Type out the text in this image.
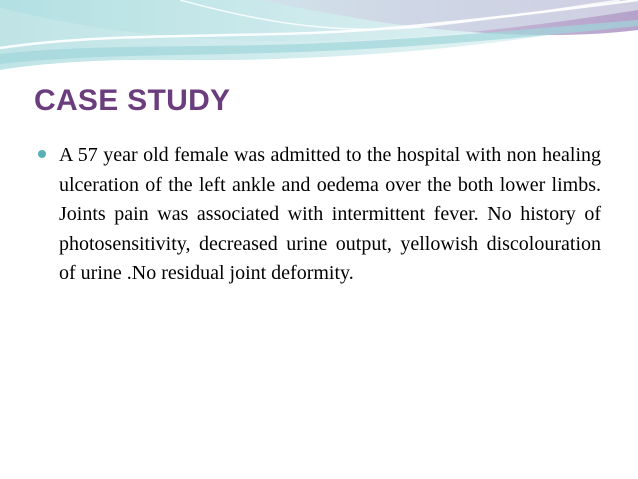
CASE STUDY
A 57 year old female was admitted to the hospital with non healing ulceration of the left ankle and oedema over the both lower limbs. Joints pain was associated with intermittent fever. No history of photosensitivity, decreased urine output, yellowish discolouration of urine .No residual joint deformity.
